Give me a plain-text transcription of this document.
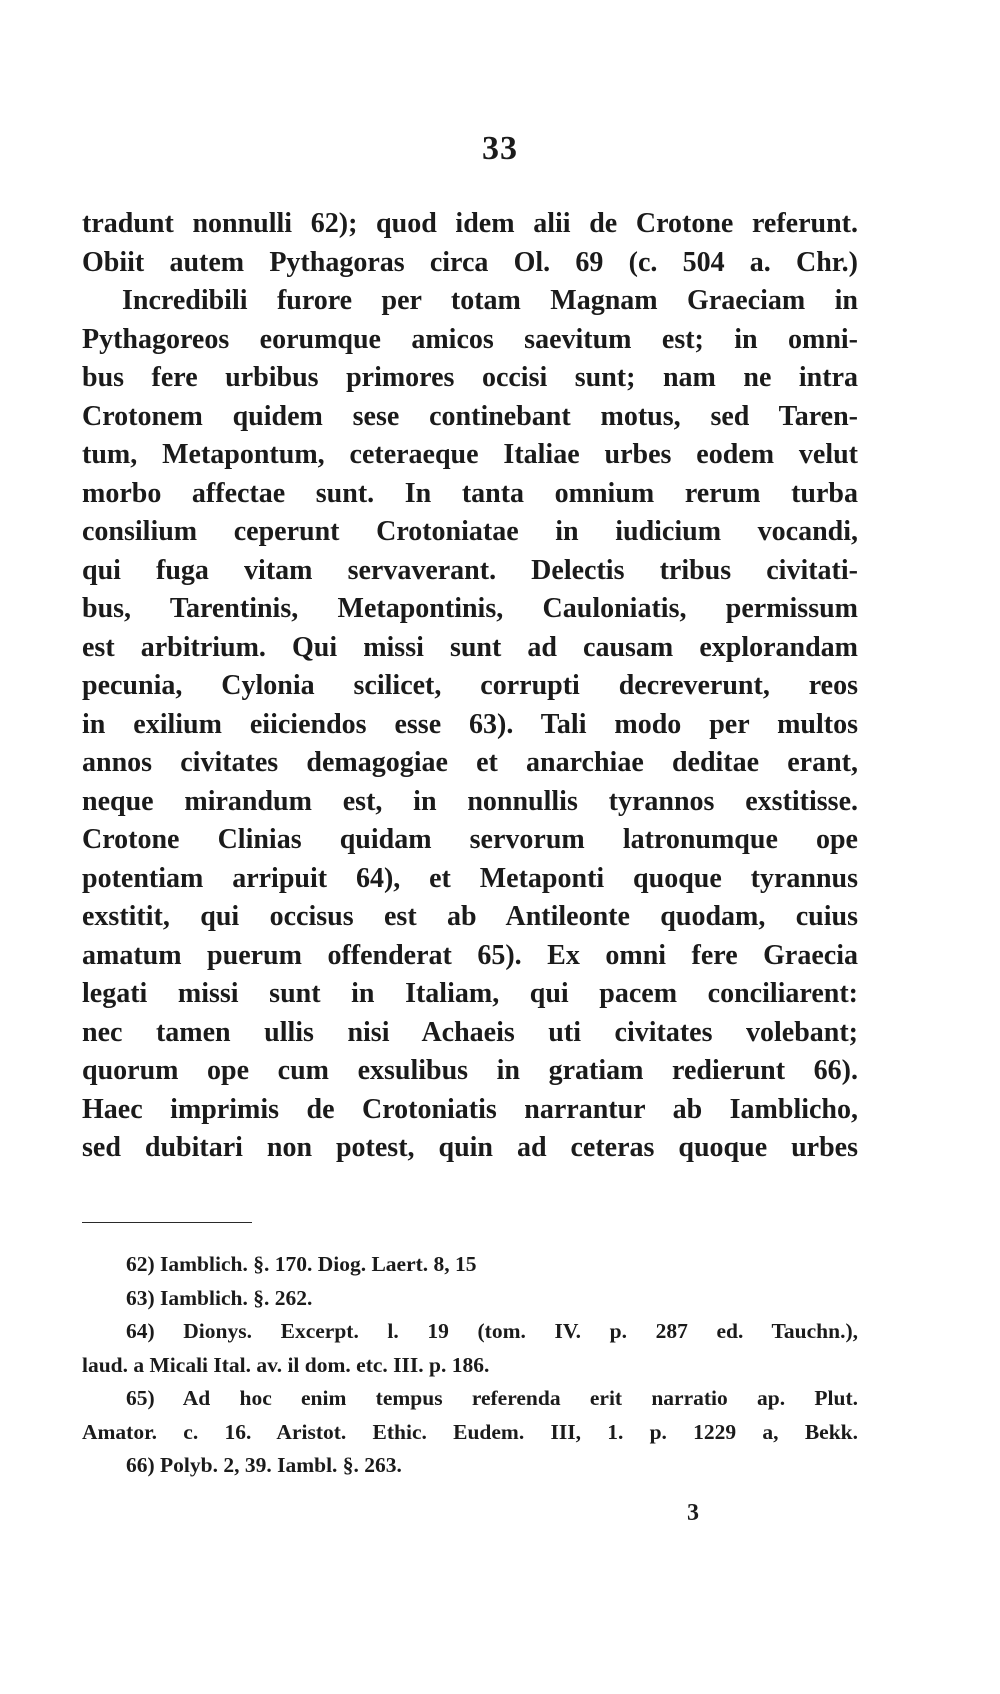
33
tradunt nonnulli 62); quod idem alii de Crotone referunt.
Obiit autem Pythagoras circa Ol. 69 (c. 504 a. Chr.)
Incredibili furore per totam Magnam Graeciam in
Pythagoreos eorumque amicos saevitum est; in omni-
bus fere urbibus primores occisi sunt; nam ne intra
Crotonem quidem sese continebant motus, sed Taren-
tum, Metapontum, ceteraeque Italiae urbes eodem velut
morbo affectae sunt. In tanta omnium rerum turba
consilium ceperunt Crotoniatae in iudicium vocandi,
qui fuga vitam servaverant. Delectis tribus civitati-
bus, Tarentinis, Metapontinis, Cauloniatis, permissum
est arbitrium. Qui missi sunt ad causam explorandam
pecunia, Cylonia scilicet, corrupti decreverunt, reos
in exilium eiiciendos esse 63). Tali modo per multos
annos civitates demagogiae et anarchiae deditae erant,
neque mirandum est, in nonnullis tyrannos exstitisse.
Crotone Clinias quidam servorum latronumque ope
potentiam arripuit 64), et Metaponti quoque tyrannus
exstitit, qui occisus est ab Antileonte quodam, cuius
amatum puerum offenderat 65). Ex omni fere Graecia
legati missi sunt in Italiam, qui pacem conciliarent:
nec tamen ullis nisi Achaeis uti civitates volebant;
quorum ope cum exsulibus in gratiam redierunt 66).
Haec imprimis de Crotoniatis narrantur ab Iamblicho,
sed dubitari non potest, quin ad ceteras quoque urbes
62) Iamblich. §. 170. Diog. Laert. 8, 15
63) Iamblich. §. 262.
64) Dionys. Excerpt. l. 19 (tom. IV. p. 287 ed. Tauchn.),
laud. a Micali Ital. av. il dom. etc. III. p. 186.
65) Ad hoc enim tempus referenda erit narratio ap. Plut.
Amator. c. 16. Aristot. Ethic. Eudem. III, 1. p. 1229 a, Bekk.
66) Polyb. 2, 39. Iambl. §. 263.
3
